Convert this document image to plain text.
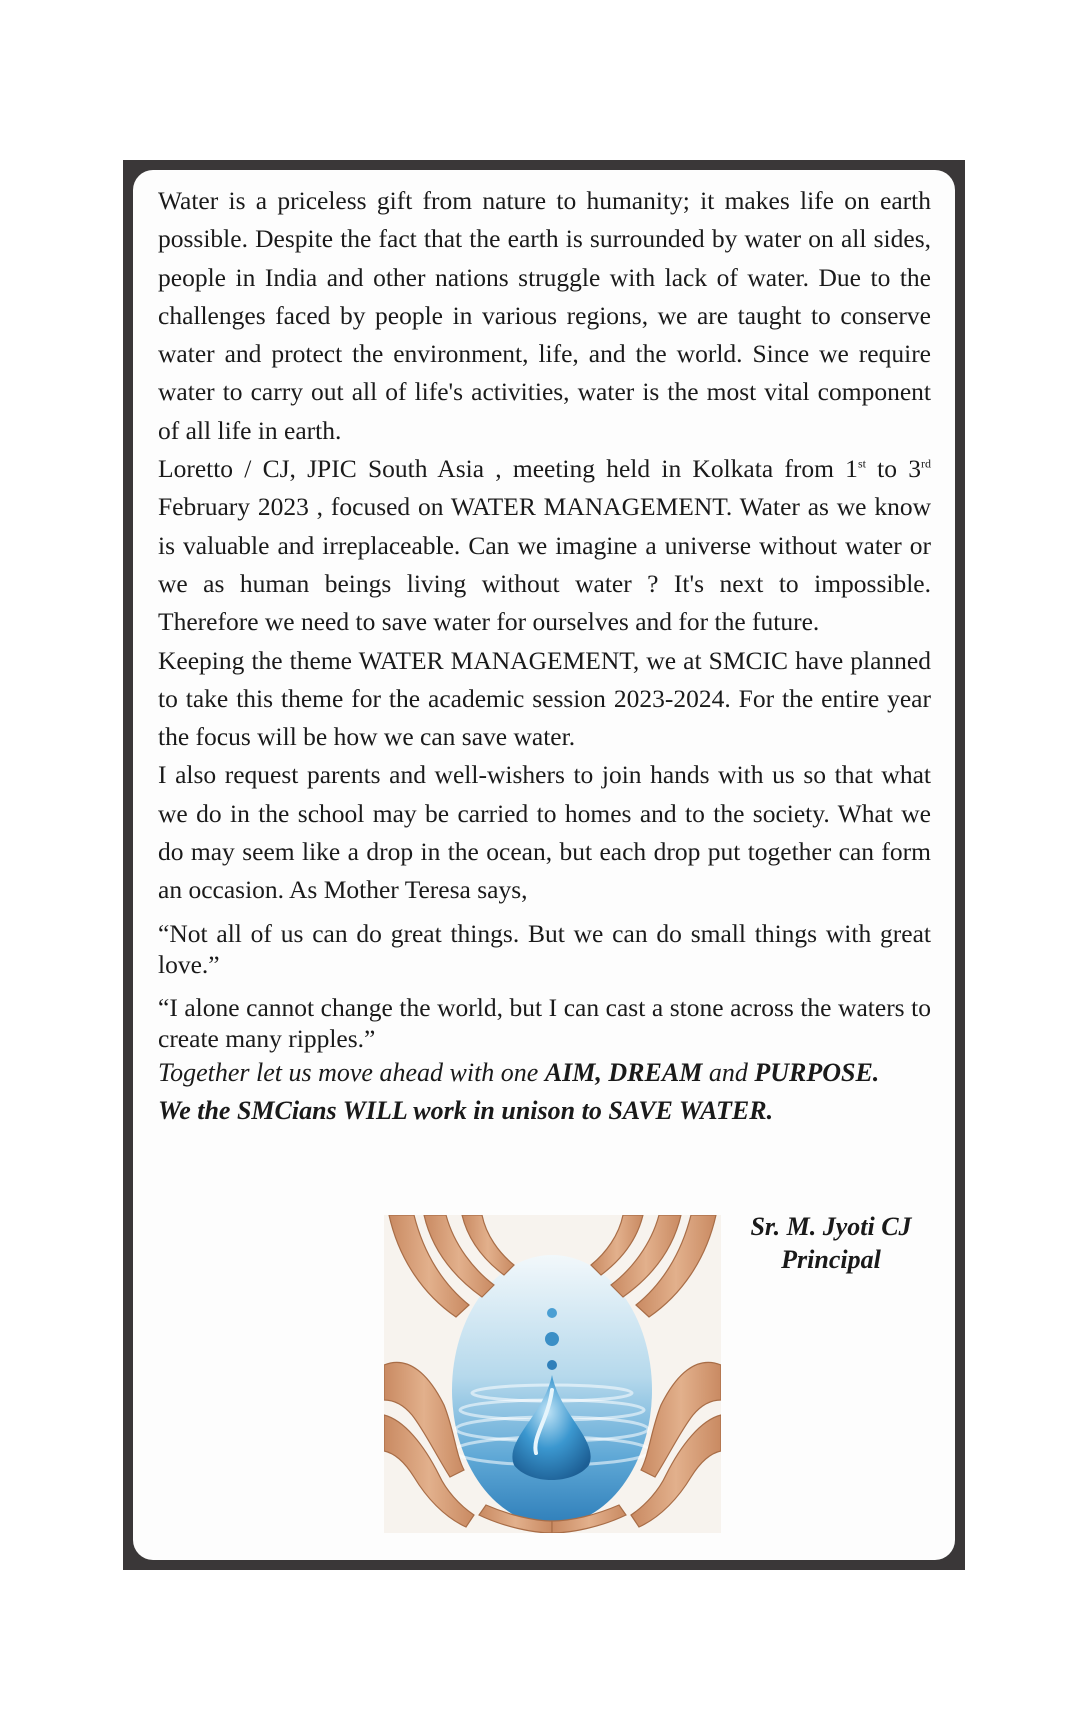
Water is a priceless gift from nature to humanity; it makes life on earth possible. Despite the fact that the earth is surrounded by water on all sides, people in India and other nations struggle with lack of water. Due to the challenges faced by people in various regions, we are taught to conserve water and protect the environment, life, and the world. Since we require water to carry out all of life's activities, water is the most vital component of all life in earth.

Loretto / CJ, JPIC South Asia , meeting held in Kolkata from 1st to 3rd February 2023 , focused on WATER MANAGEMENT. Water as we know is valuable and irreplaceable. Can we imagine a universe without water or we as human beings living without water ? It's next to impossible. Therefore we need to save water for ourselves and for the future.

Keeping the theme WATER MANAGEMENT, we at SMCIC have planned to take this theme for the academic session 2023-2024. For the entire year the focus will be how we can save water.

I also request parents and well-wishers to join hands with us so that what we do in the school may be carried to homes and to the society. What we do may seem like a drop in the ocean, but each drop put together can form an occasion. As Mother Teresa says,

“Not all of us can do great things. But we can do small things with great love.”

“I alone cannot change the world, but I can cast a stone across the waters to create many ripples.”

Together let us move ahead with one AIM, DREAM and PURPOSE.

We the SMCians WILL work in unison to SAVE WATER.

Sr. M. Jyoti CJ
Principal
